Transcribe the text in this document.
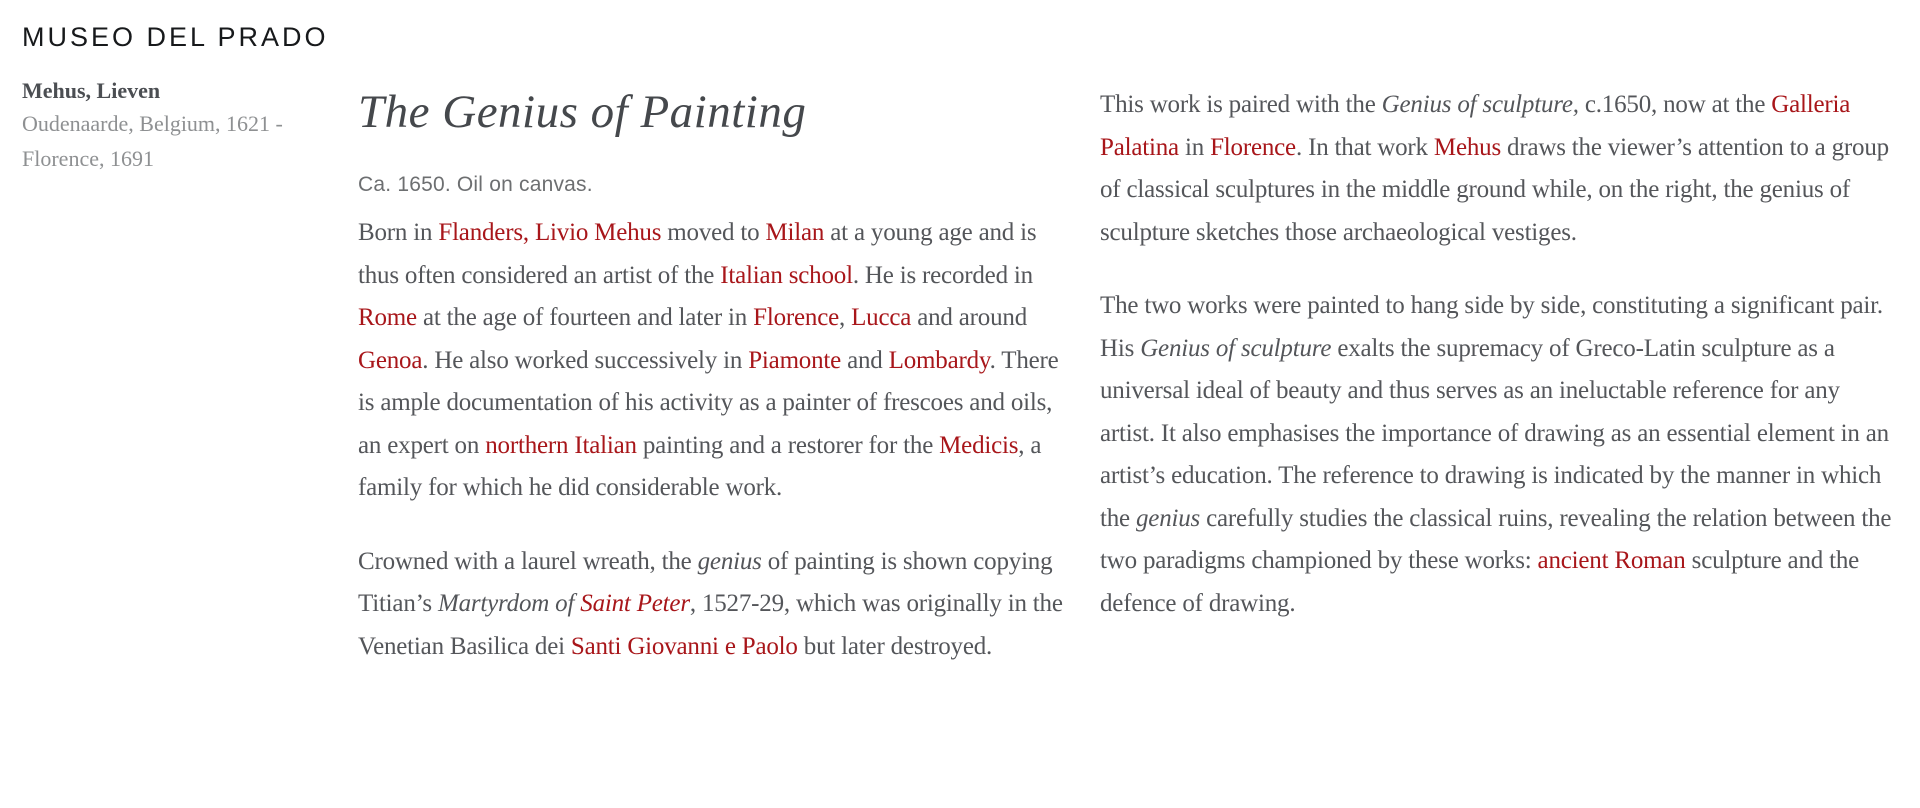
MUSEO DEL PRADO
Mehus, Lieven
Oudenaarde, Belgium, 1621 -
Florence, 1691
The Genius of Painting
Ca. 1650. Oil on canvas.

Born in Flanders, Livio Mehus moved to Milan at a young age and is thus often considered an artist of the Italian school. He is recorded in Rome at the age of fourteen and later in Florence, Lucca and around Genoa. He also worked successively in Piamonte and Lombardy. There is ample documentation of his activity as a painter of frescoes and oils, an expert on northern Italian painting and a restorer for the Medicis, a family for which he did considerable work.

Crowned with a laurel wreath, the genius of painting is shown copying Titian’s Martyrdom of Saint Peter, 1527-29, which was originally in the Venetian Basilica dei Santi Giovanni e Paolo but later destroyed.

This work is paired with the Genius of sculpture, c.1650, now at the Galleria Palatina in Florence. In that work Mehus draws the viewer’s attention to a group of classical sculptures in the middle ground while, on the right, the genius of sculpture sketches those archaeological vestiges.

The two works were painted to hang side by side, constituting a significant pair. His Genius of sculpture exalts the supremacy of Greco-Latin sculpture as a universal ideal of beauty and thus serves as an ineluctable reference for any artist. It also emphasises the importance of drawing as an essential element in an artist’s education. The reference to drawing is indicated by the manner in which the genius carefully studies the classical ruins, revealing the relation between the two paradigms championed by these works: ancient Roman sculpture and the defence of drawing.
